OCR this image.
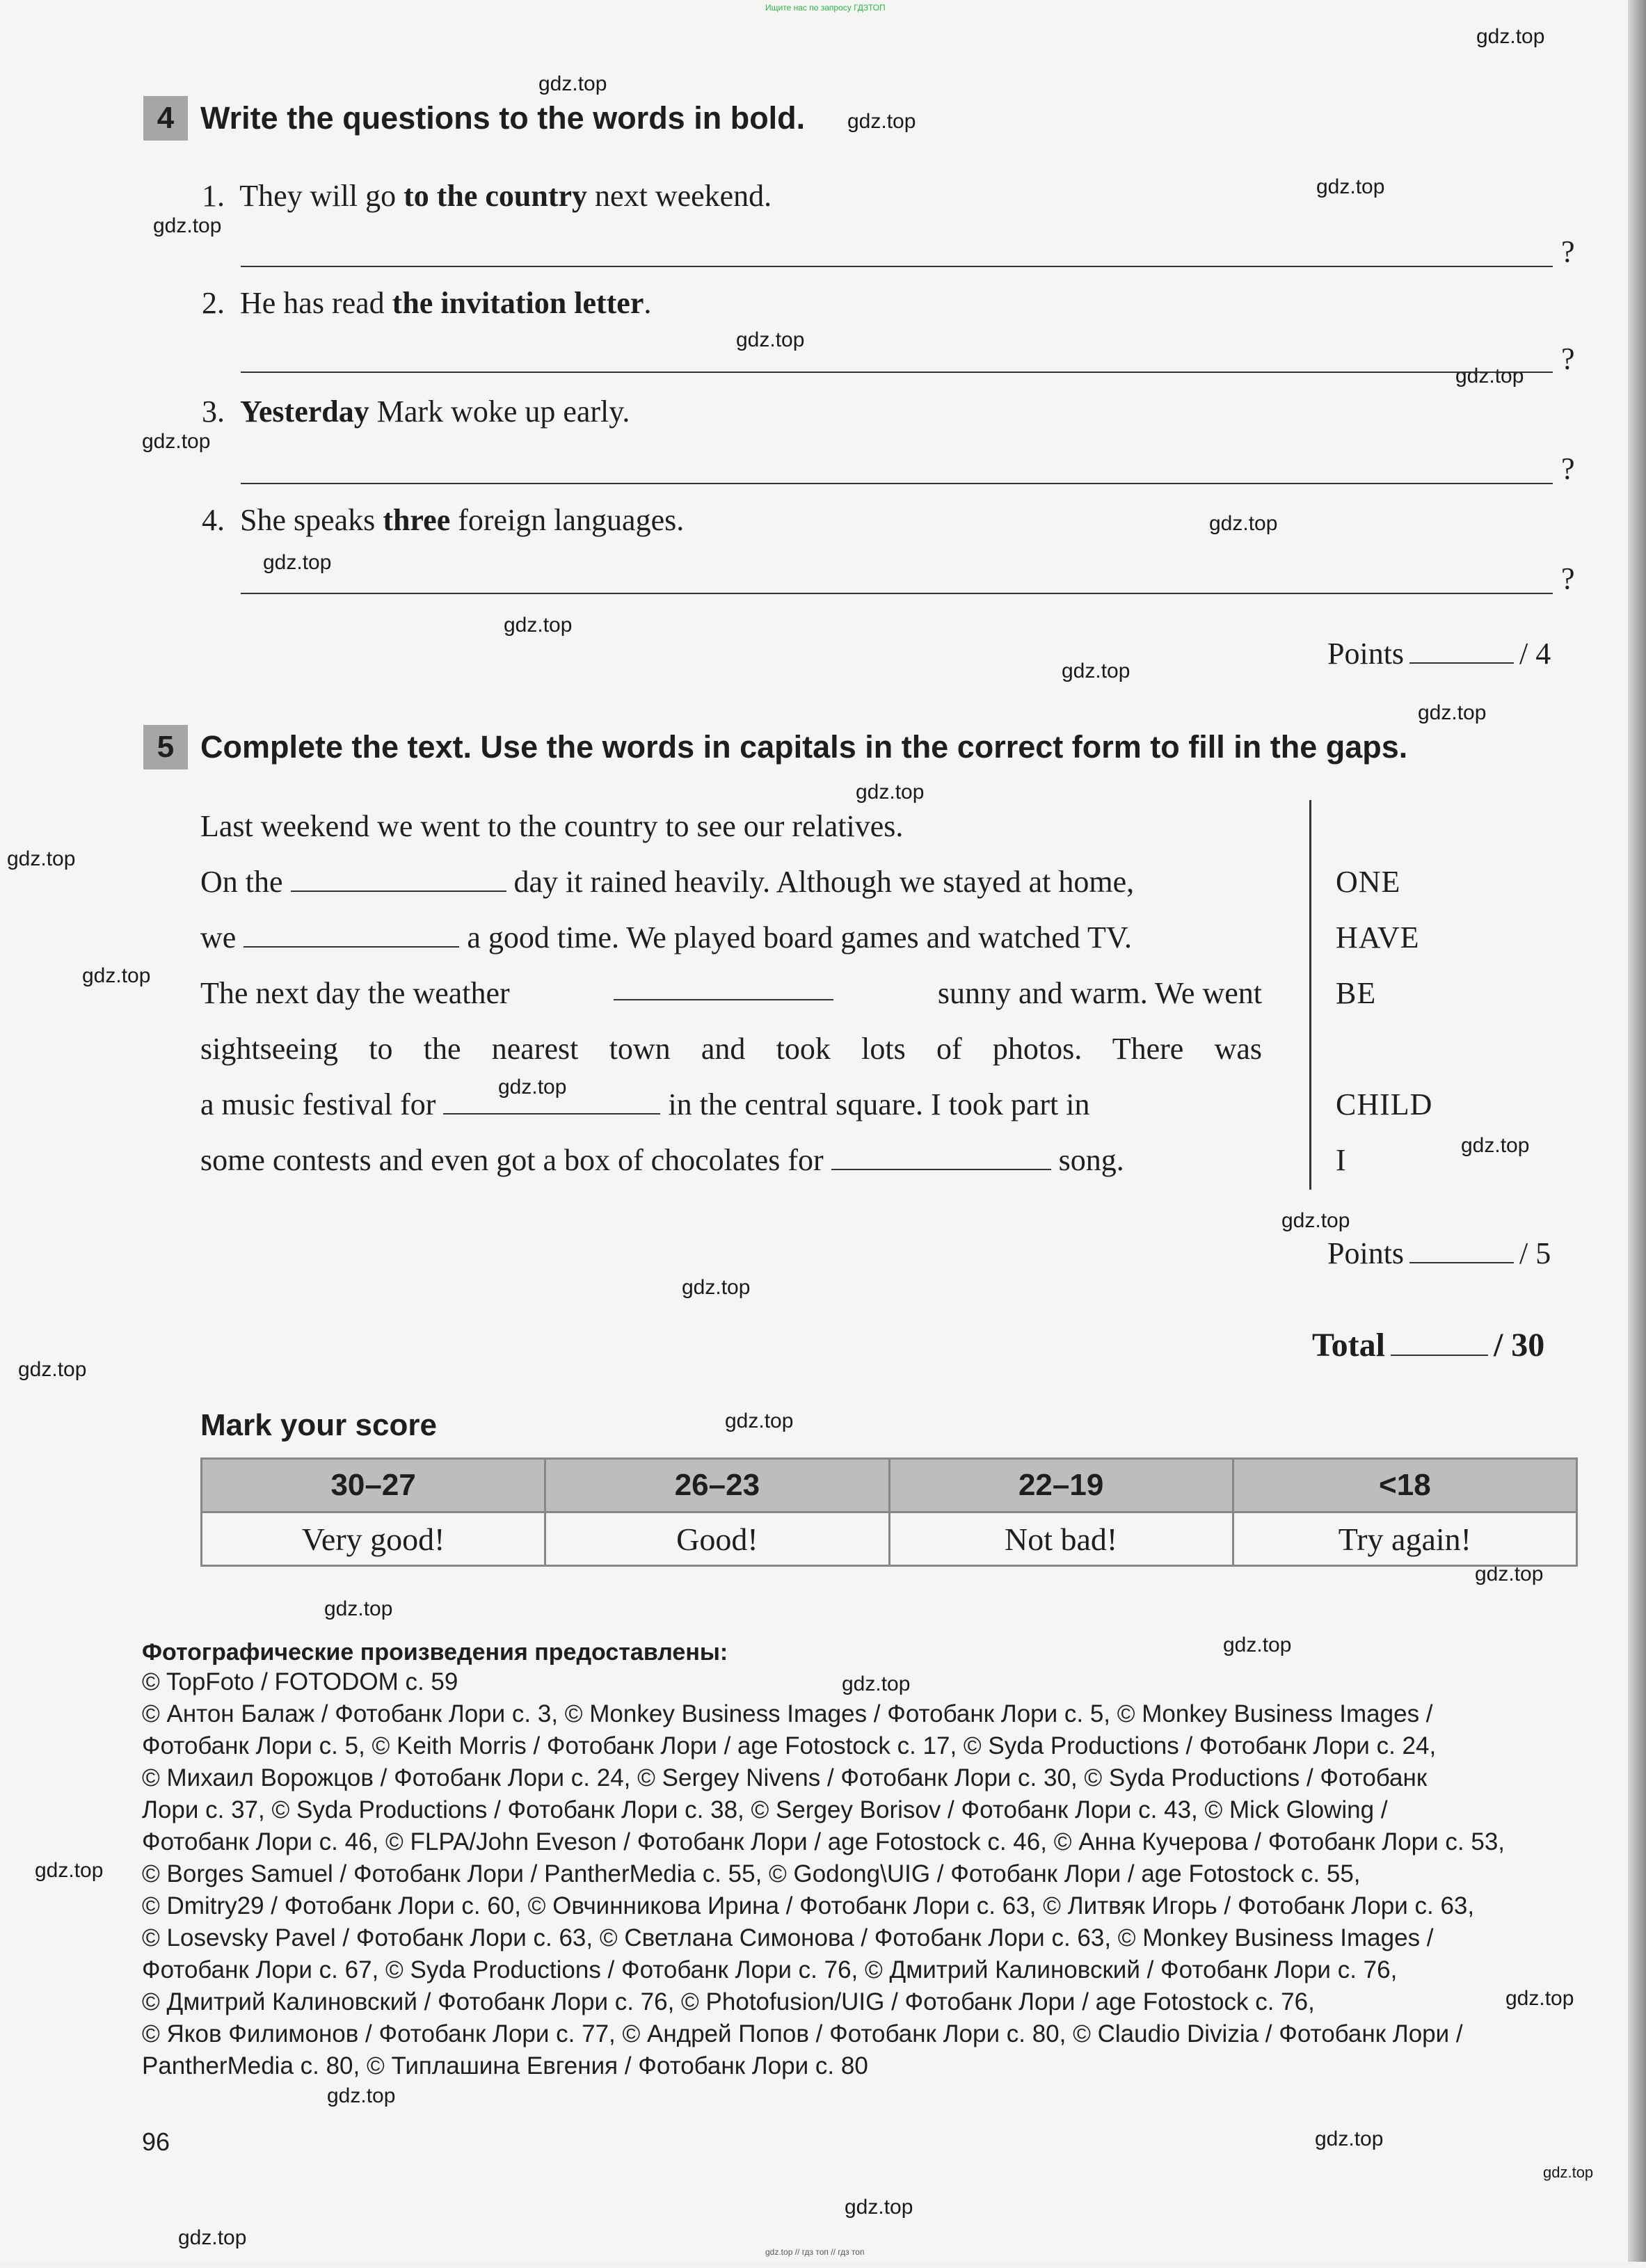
Ищите нас по запросу ГДЗТОП
gdz.top
gdz.top
gdz.top
gdz.top
gdz.top
gdz.top
gdz.top
gdz.top
gdz.top
gdz.top
gdz.top
gdz.top
gdz.top
gdz.top
gdz.top
gdz.top
gdz.top
gdz.top
gdz.top
gdz.top
gdz.top
gdz.top
gdz.top
gdz.top
gdz.top
gdz.top
gdz.top
gdz.top
gdz.top
gdz.top
gdz.top
gdz.top
gdz.top
4 Write the questions to the words in bold.
1. They will go to the country next weekend.
?
2. He has read the invitation letter.
?
3. Yesterday Mark woke up early.
?
4. She speaks three foreign languages.
?
Points	/ 4
5 Complete the text. Use the words in capitals in the correct form to fill in the gaps.
Last weekend we went to the country to see our relatives.
On the	day it rained heavily. Although we stayed at home,
we	a good time. We played board games and watched TV.
The next day the weather	sunny and warm. We went
sightseeing to the nearest town and took lots of photos. There was
a music festival for	in the central square. I took part in
some contests and even got a box of chocolates for	song.
ONE
HAVE
BE
CHILD
I
Points	/ 5
Total	/ 30
Mark your score
30–27	26–23	22–19	<18
Very good!	Good!	Not bad!	Try again!
Фотографические произведения предоставлены:
© TopFoto / FOTODOM с. 59
© Антон Балаж / Фотобанк Лори с. 3, © Monkey Business Images / Фотобанк Лори с. 5, © Monkey Business Images /
Фотобанк Лори с. 5, © Keith Morris / Фотобанк Лори / age Fotostock с. 17, © Syda Productions / Фотобанк Лори с. 24,
© Михаил Ворожцов / Фотобанк Лори с. 24, © Sergey Nivens / Фотобанк Лори с. 30, © Syda Productions / Фотобанк
Лори с. 37, © Syda Productions / Фотобанк Лори с. 38, © Sergey Borisov / Фотобанк Лори с. 43, © Mick Glowing /
Фотобанк Лори с. 46, © FLPA/John Eveson / Фотобанк Лори / age Fotostock с. 46, © Анна Кучерова / Фотобанк Лори с. 53,
© Borges Samuel / Фотобанк Лори / PantherMedia с. 55, © Godong\UIG / Фотобанк Лори / age Fotostock с. 55,
© Dmitry29 / Фотобанк Лори с. 60, © Овчинникова Ирина / Фотобанк Лори с. 63, © Литвяк Игорь / Фотобанк Лори с. 63,
© Losevsky Pavel / Фотобанк Лори с. 63, © Светлана Симонова / Фотобанк Лори с. 63, © Monkey Business Images /
Фотобанк Лори с. 67, © Syda Productions / Фотобанк Лори с. 76, © Дмитрий Калиновский / Фотобанк Лори с. 76,
© Дмитрий Калиновский / Фотобанк Лори с. 76, © Photofusion/UIG / Фотобанк Лори / age Fotostock с. 76,
© Яков Филимонов / Фотобанк Лори с. 77, © Андрей Попов / Фотобанк Лори с. 80, © Claudio Divizia / Фотобанк Лори /
PantherMedia с. 80, © Типлашина Евгения / Фотобанк Лори с. 80
96
gdz.top // гдз топ // гдз топ
